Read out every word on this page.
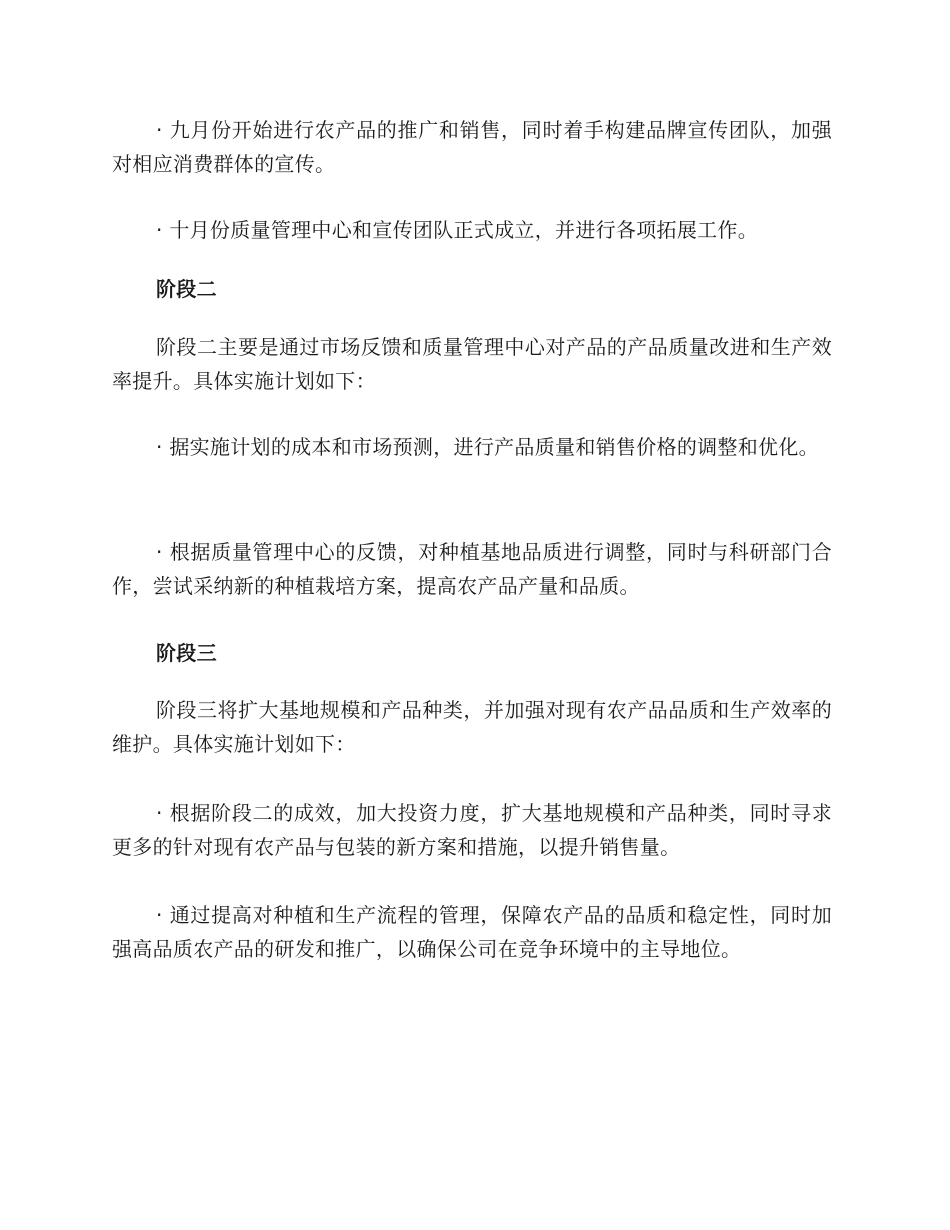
· 九月份开始进行农产品的推广和销售，同时着手构建品牌宣传团队，加强对相应消费群体的宣传。

· 十月份质量管理中心和宣传团队正式成立，并进行各项拓展工作。

阶段二

阶段二主要是通过市场反馈和质量管理中心对产品的产品质量改进和生产效率提升。具体实施计划如下：

· 据实施计划的成本和市场预测，进行产品质量和销售价格的调整和优化。

· 根据质量管理中心的反馈，对种植基地品质进行调整，同时与科研部门合作，尝试采纳新的种植栽培方案，提高农产品产量和品质。

阶段三

阶段三将扩大基地规模和产品种类，并加强对现有农产品品质和生产效率的维护。具体实施计划如下：

· 根据阶段二的成效，加大投资力度，扩大基地规模和产品种类，同时寻求更多的针对现有农产品与包装的新方案和措施，以提升销售量。

· 通过提高对种植和生产流程的管理，保障农产品的品质和稳定性，同时加强高品质农产品的研发和推广，以确保公司在竞争环境中的主导地位。
